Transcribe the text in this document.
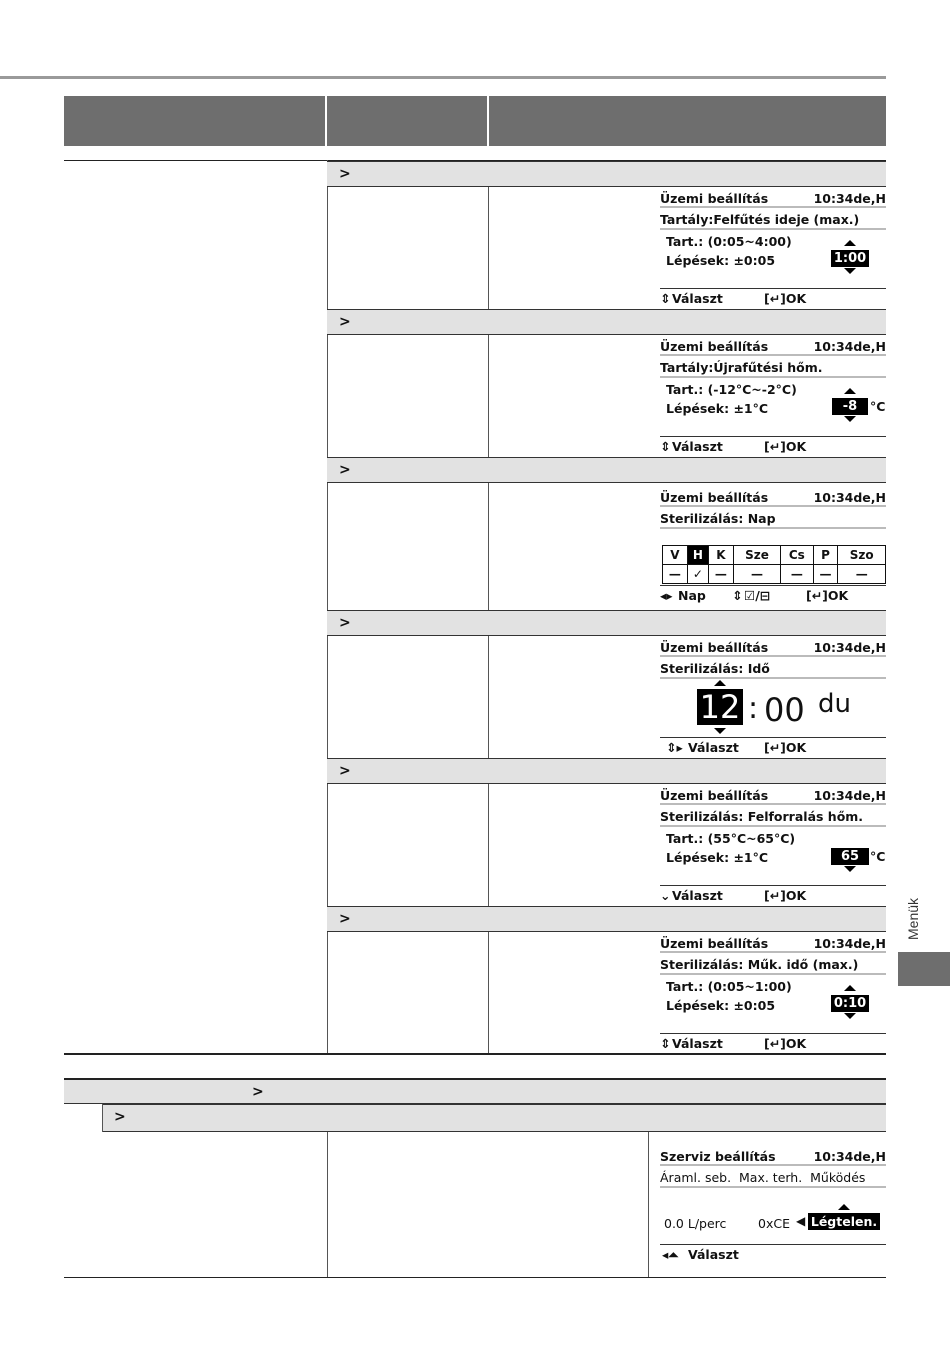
>
>
>
>
>
>
Üzemi beállítás	10:34de,H
Tartály:Felfűtés ideje (max.)
Tart.: (0:05~4:00)
Lépések: ±0:05	1:00
⇕ Választ	[↵]OK
Üzemi beállítás	10:34de,H
Tartály:Újrafűtési hőm.
Tart.: (-12°C~-2°C)
Lépések: ±1°C	-8	°C
⇕ Választ	[↵]OK
Üzemi beállítás	10:34de,H
Sterilizálás: Nap
V	H	K	Sze	Cs	P	Szo
—	✓	—	—	—	—	—
◂▸ Nap ⇕ ☑/⊟	[↵]OK
Üzemi beállítás	10:34de,H
Sterilizálás: Idő
12 : 00 du
⇕▸ Választ [↵]OK
Üzemi beállítás	10:34de,H
Sterilizálás: Felforralás hőm.
Tart.: (55°C~65°C)
Lépések: ±1°C	65 °C
⌄ Választ	[↵]OK
Üzemi beállítás	10:34de,H
Sterilizálás: Műk. idő (max.)
Tart.: (0:05~1:00)
Lépések: ±0:05	0:10
⇕ Választ	[↵]OK
>
>
Szerviz beállítás	10:34de,H
Áraml. seb.  Max. terh.  Működés
0.0 L/perc	0xCE ◀ Légtelen.
◂⏶ Választ
Menük
